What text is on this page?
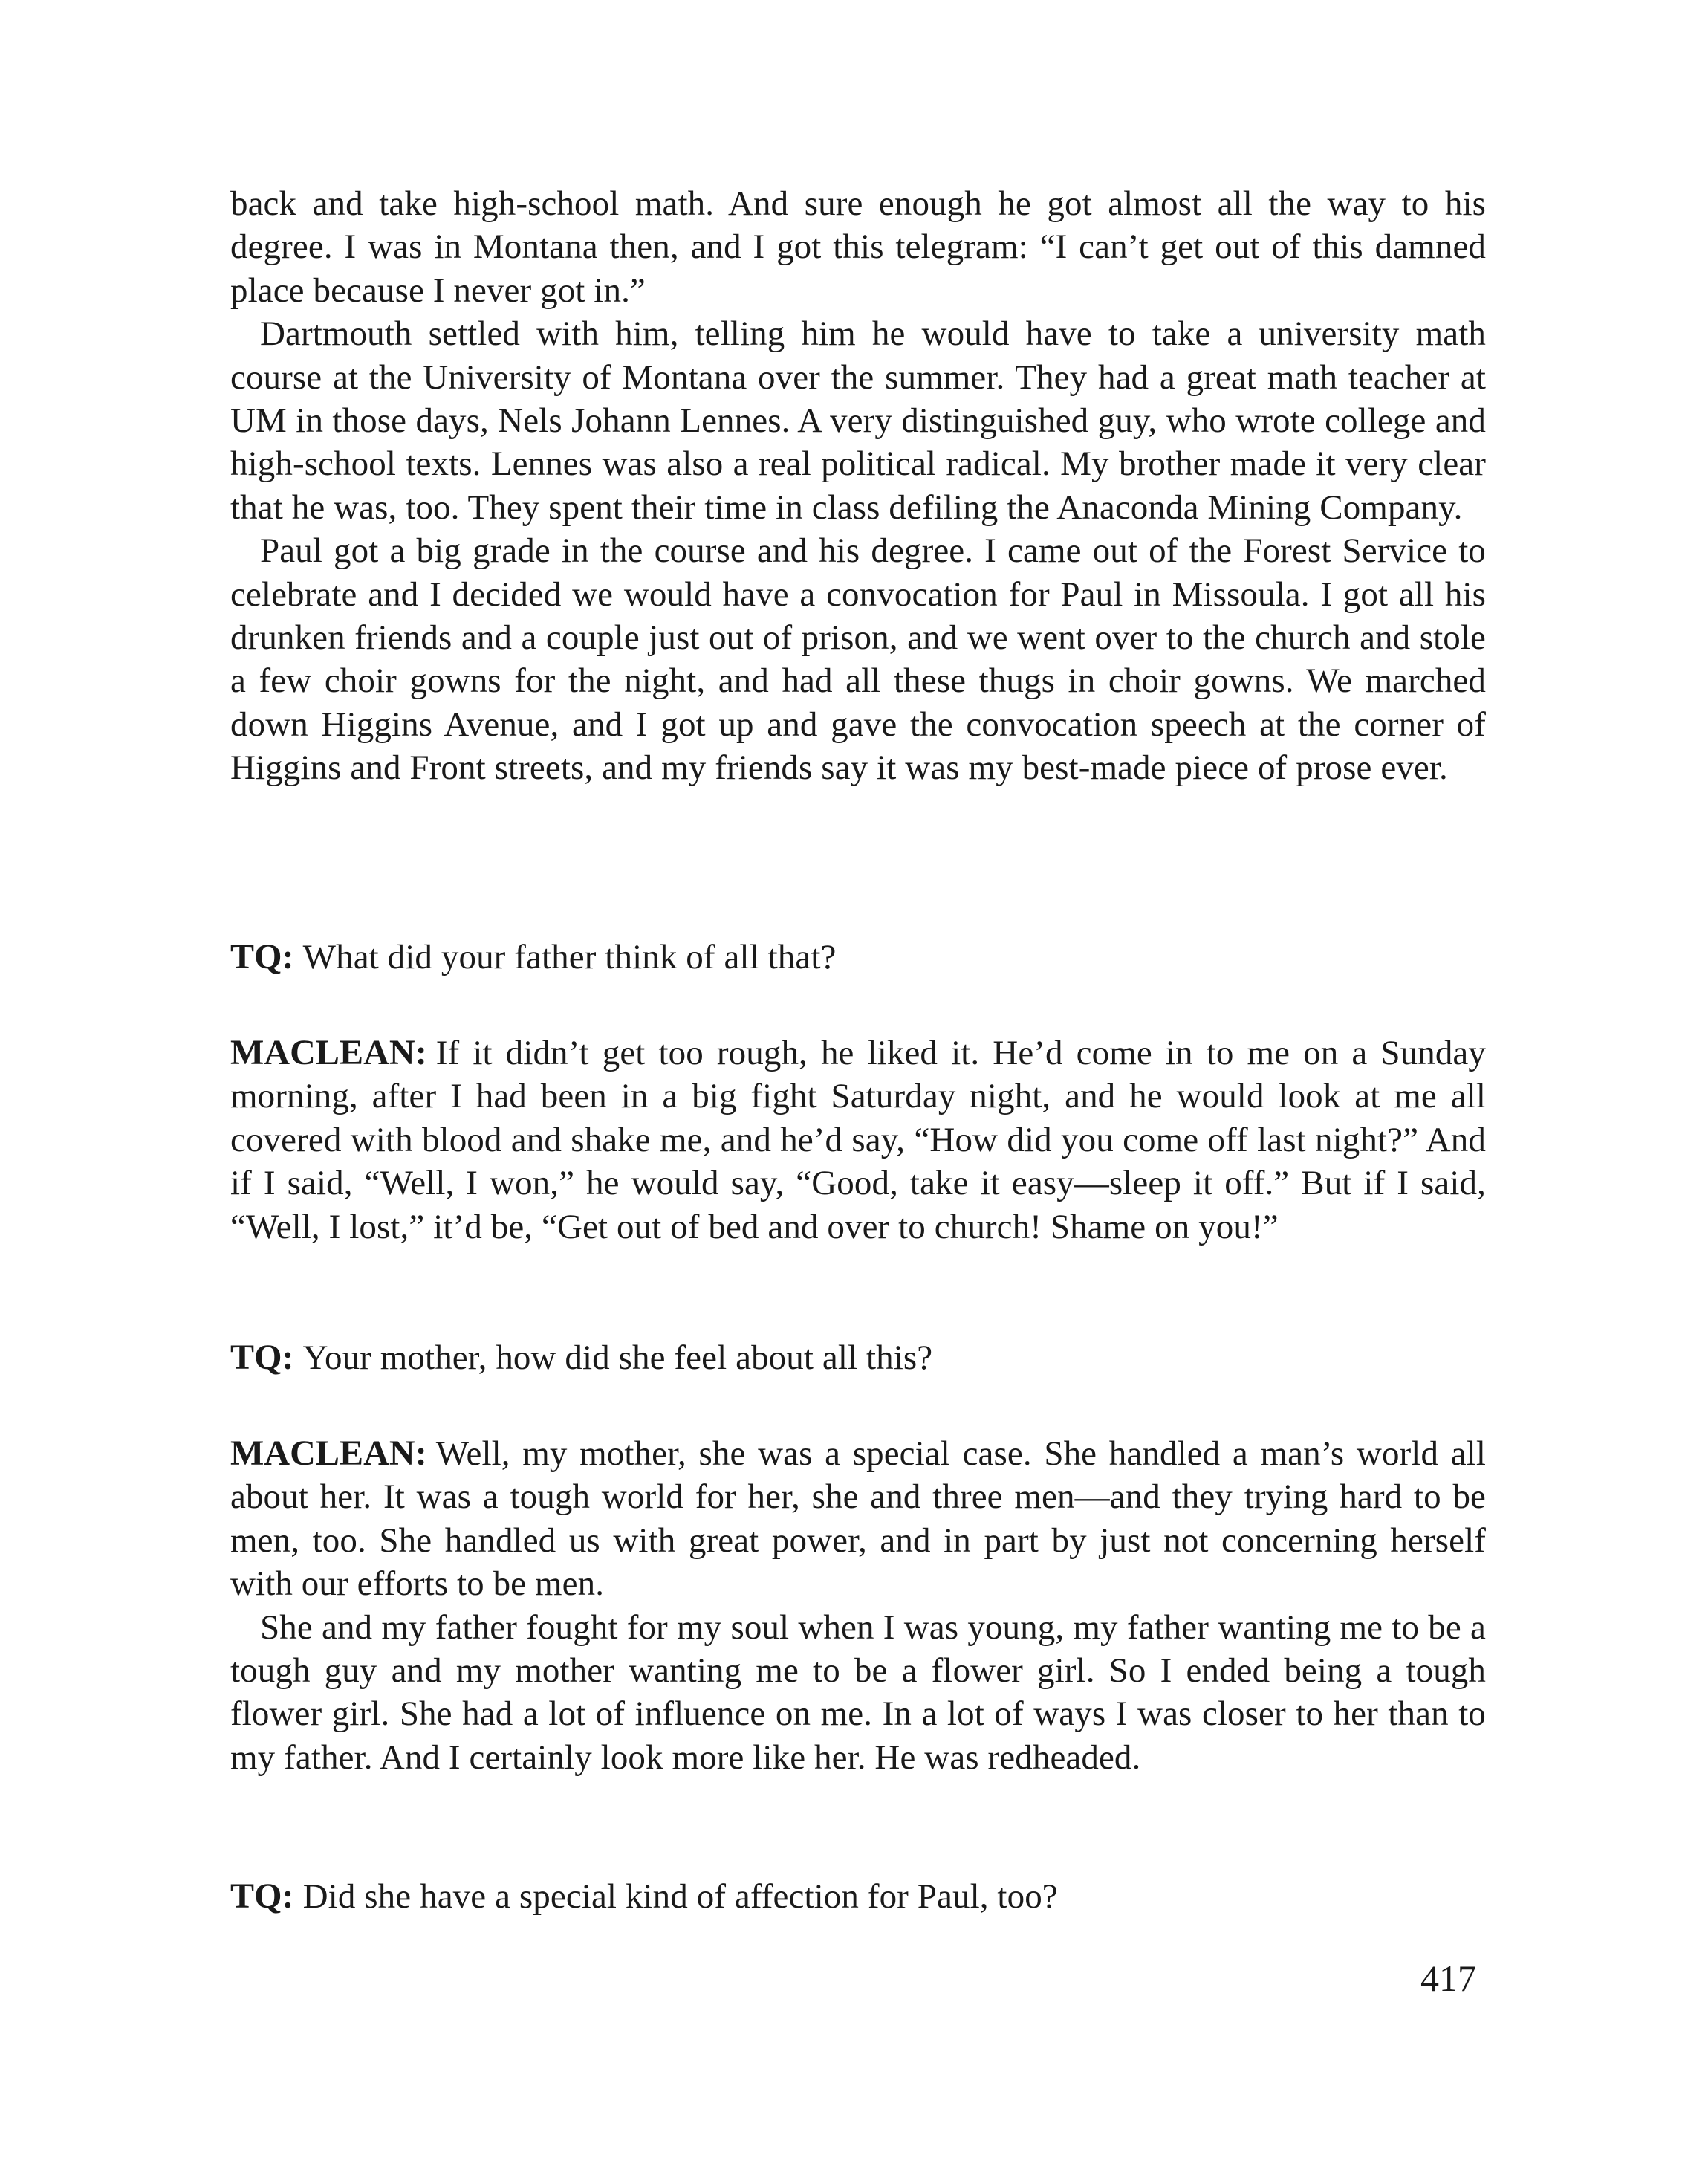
back and take high-school math. And sure enough he got almost all the way to his degree. I was in Montana then, and I got this telegram: “I can’t get out of this damned place because I never got in.”

Dartmouth settled with him, telling him he would have to take a university math course at the University of Montana over the summer. They had a great math teacher at UM in those days, Nels Johann Lennes. A very distinguished guy, who wrote college and high-school texts. Lennes was also a real political radical. My brother made it very clear that he was, too. They spent their time in class defiling the Anaconda Mining Company.

Paul got a big grade in the course and his degree. I came out of the Forest Service to celebrate and I decided we would have a convocation for Paul in Missoula. I got all his drunken friends and a couple just out of prison, and we went over to the church and stole a few choir gowns for the night, and had all these thugs in choir gowns. We marched down Higgins Avenue, and I got up and gave the convocation speech at the corner of Higgins and Front streets, and my friends say it was my best-made piece of prose ever.

TQ: What did your father think of all that?

MACLEAN: If it didn’t get too rough, he liked it. He’d come in to me on a Sunday morning, after I had been in a big fight Saturday night, and he would look at me all covered with blood and shake me, and he’d say, “How did you come off last night?” And if I said, “Well, I won,” he would say, “Good, take it easy—sleep it off.” But if I said, “Well, I lost,” it’d be, “Get out of bed and over to church! Shame on you!”

TQ: Your mother, how did she feel about all this?

MACLEAN: Well, my mother, she was a special case. She handled a man’s world all about her. It was a tough world for her, she and three men—and they trying hard to be men, too. She handled us with great power, and in part by just not concerning herself with our efforts to be men.

She and my father fought for my soul when I was young, my father wanting me to be a tough guy and my mother wanting me to be a flower girl. So I ended being a tough flower girl. She had a lot of influence on me. In a lot of ways I was closer to her than to my father. And I certainly look more like her. He was redheaded.

TQ: Did she have a special kind of affection for Paul, too?

417
